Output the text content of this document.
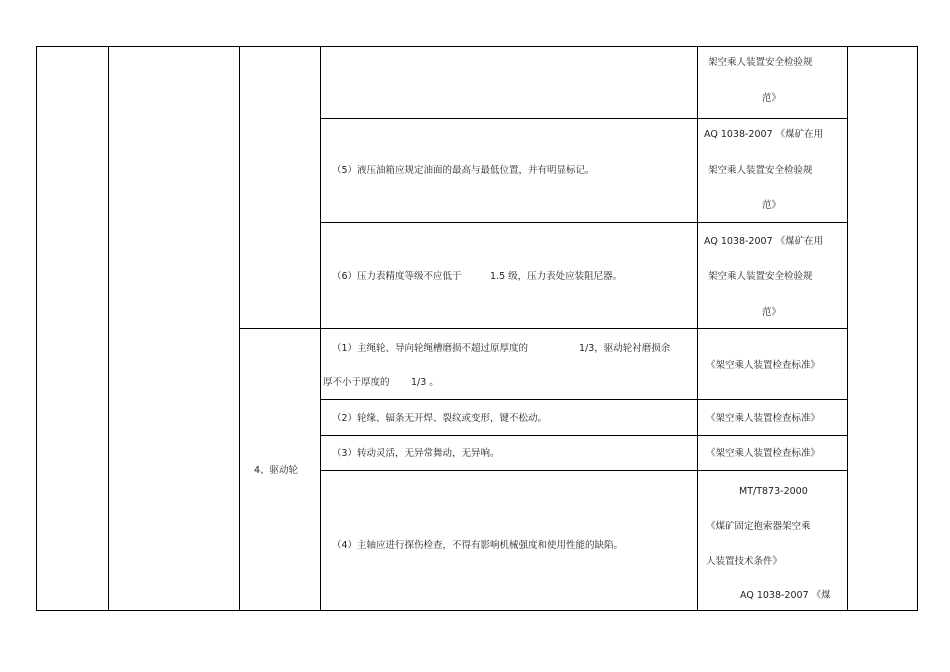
架空乘人装置安全检验规
范》
（5）液压油箱应规定油面的最高与最低位置，并有明显标记。
AQ 1038-2007 《煤矿在用
架空乘人装置安全检验规
范》
（6）压力表精度等级不应低于	1.5 级，压力表处应装阻尼器。
AQ 1038-2007 《煤矿在用
架空乘人装置安全检验规
范》
4、驱动轮
（1）主绳轮、导向轮绳槽磨损不超过原厚度的	1/3，驱动轮衬磨损余
厚不小于厚度的 1/3 。
《架空乘人装置检查标准》
（2）轮缘、辐条无开焊、裂纹或变形，键不松动。	《架空乘人装置检查标准》
（3）转动灵活，无异常舞动，无异响。	《架空乘人装置检查标准》
（4）主轴应进行探伤检查，不得有影响机械强度和使用性能的缺陷。
MT/T873-2000
《煤矿固定抱索器架空乘
人装置技术条件》
AQ 1038-2007 《煤
